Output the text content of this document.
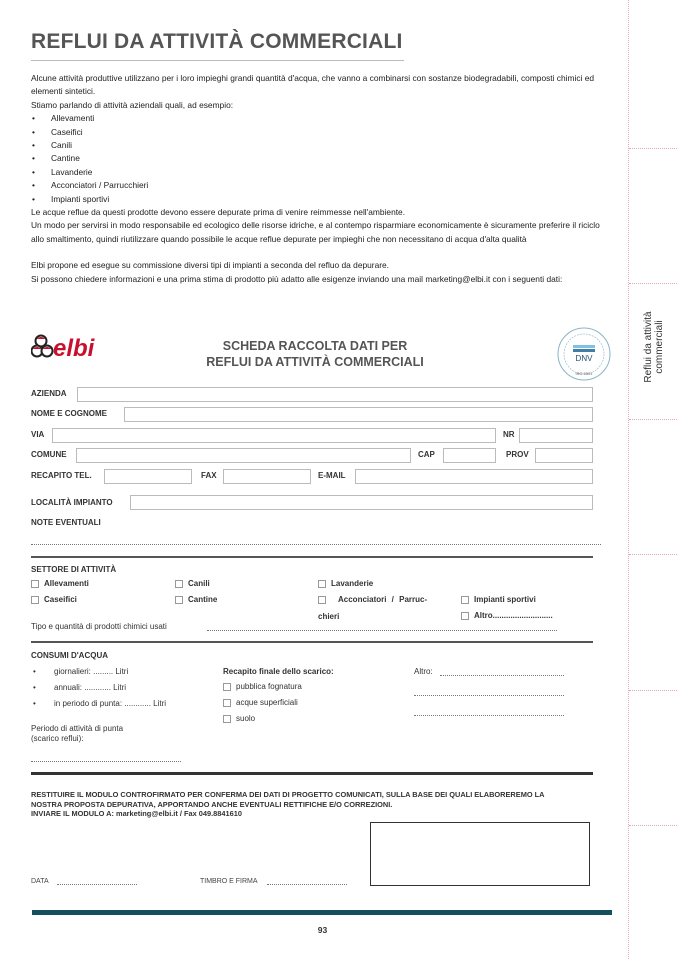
REFLUI DA ATTIVITÀ COMMERCIALI

Alcune attività produttive utilizzano per i loro impieghi grandi quantità d'acqua, che vanno a combinarsi con sostanze biodegradabili, composti chimici ed elementi sintetici.

Stiamo parlando di attività aziendali quali, ad esempio:

• Allevamenti
• Caseifici
• Canili
• Cantine
• Lavanderie
• Acconciatori / Parrucchieri
• Impianti sportivi

Le acque reflue da questi prodotte devono essere depurate prima di venire reimmesse nell'ambiente.

Un modo per servirsi in modo responsabile ed ecologico delle risorse idriche, e al contempo risparmiare economicamente è sicuramente preferire il riciclo allo smaltimento, quindi riutilizzare quando possibile le acque reflue depurate per impieghi che non necessitano di acqua d'alta qualità

Elbi propone ed esegue su commissione diversi tipi di impianti a seconda del refluo da depurare.

Si possono chiedere informazioni e una prima stima di prodotto più adatto alle esigenze inviando una mail marketing@elbi.it con i seguenti dati:

elbi	SCHEDA RACCOLTA DATI PER
REFLUI DA ATTIVITÀ COMMERCIALI	DNV
ISO 9001
AZIENDA
NOME E COGNOME
VIA	NR
COMUNE	CAP	PROV
RECAPITO TEL.	FAX	E-MAIL
LOCALITÀ IMPIANTO
NOTE EVENTUALI
SETTORE DI ATTIVITÀ
Allevamenti	Canili	Lavanderie
Caseifici	Cantine	Acconciatori / Parruc-	Impianti sportivi
chieri	Altro...........................
Tipo e quantità di prodotti chimici usati
CONSUMI D'ACQUA
• giornalieri: ......... Litri
• annuali: ............ Litri
• in periodo di punta: ............ Litri
Recapito finale dello scarico:
pubblica fognatura
acque superficiali
suolo
Altro:
Periodo di attività di punta
(scarico reflui):
RESTITUIRE IL MODULO CONTROFIRMATO PER CONFERMA DEI DATI DI PROGETTO COMUNICATI, SULLA BASE DEI QUALI ELABOREREMO LA
NOSTRA PROPOSTA DEPURATIVA, APPORTANDO ANCHE EVENTUALI RETTIFICHE E/O CORREZIONI.
INVIARE IL MODULO A: marketing@elbi.it / Fax 049.8841610
DATA	TIMBRO E FIRMA
93
Reflui da attività commerciali
